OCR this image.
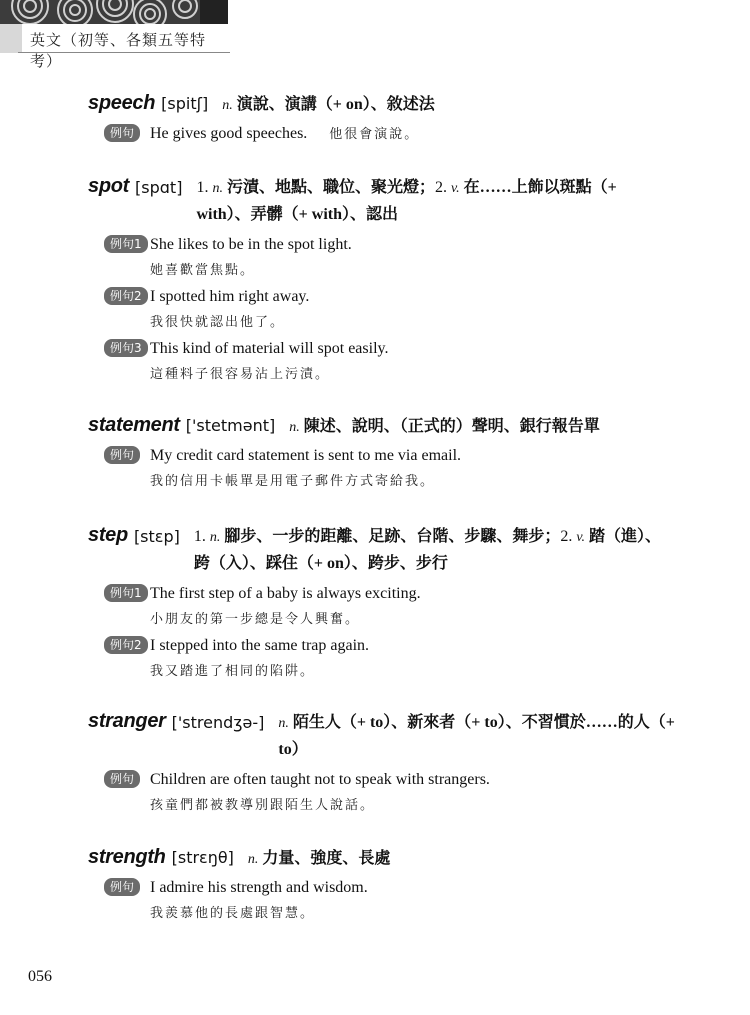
英文（初等、各類五等特考）
speech [spitʃ] n. 演說、演講（+ on）、敘述法
例句 He gives good speeches. 他很會演說。
spot [spɑt] 1. n. 污漬、地點、職位、聚光燈；2. v. 在……上飾以斑點（+ with）、弄髒（+ with）、認出
例句1 She likes to be in the spot light.
她喜歡當焦點。
例句2 I spotted him right away.
我很快就認出他了。
例句3 This kind of material will spot easily.
這種料子很容易沾上污漬。
statement ['stetmənt] n. 陳述、說明、（正式的）聲明、銀行報告單
例句 My credit card statement is sent to me via email.
我的信用卡帳單是用電子郵件方式寄給我。
step [stɛp] 1. n. 腳步、一步的距離、足跡、台階、步驟、舞步；2. v. 踏（進）、跨（入）、踩住（+ on）、跨步、步行
例句1 The first step of a baby is always exciting.
小朋友的第一步總是令人興奮。
例句2 I stepped into the same trap again.
我又踏進了相同的陷阱。
stranger ['strendʒə-] n. 陌生人（+ to）、新來者（+ to）、不習慣於……的人（+ to）
例句 Children are often taught not to speak with strangers.
孩童們都被教導別跟陌生人說話。
strength [strɛŋθ] n. 力量、強度、長處
例句 I admire his strength and wisdom.
我羨慕他的長處跟智慧。
056
